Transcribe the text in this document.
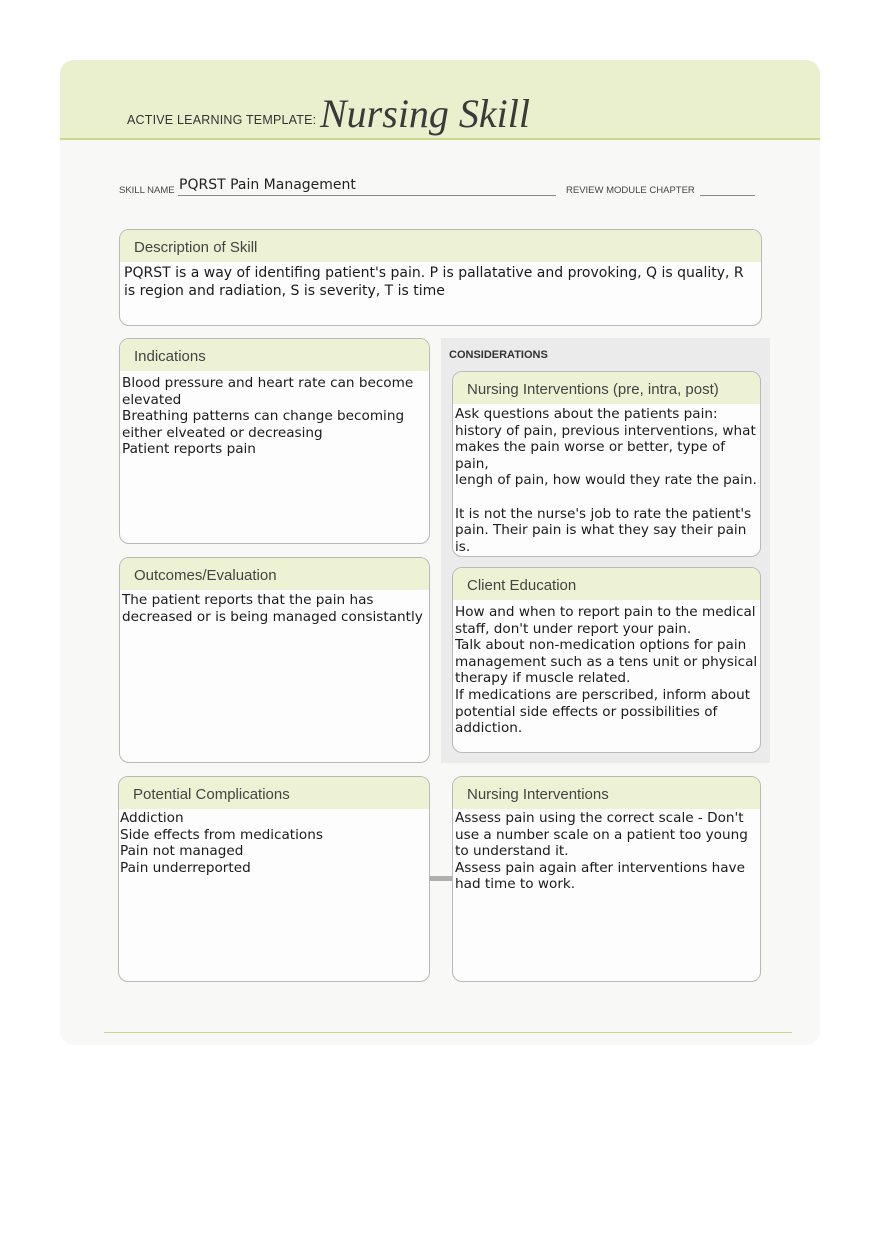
ACTIVE LEARNING TEMPLATE: Nursing Skill
SKILL NAME PQRST Pain Management	REVIEW MODULE CHAPTER
Description of Skill
PQRST is a way of identifing patient's pain. P is pallatative and provoking, Q is quality, R is region and radiation, S is severity, T is time
Indications
Blood pressure and heart rate can become
elevated
Breathing patterns can change becoming
either elveated or decreasing
Patient reports pain
CONSIDERATIONS
Nursing Interventions (pre, intra, post)
Ask questions about the patients pain:
history of pain, previous interventions, what
makes the pain worse or better, type of pain,
lengh of pain, how would they rate the pain.

It is not the nurse's job to rate the patient's
pain. Their pain is what they say their pain is.
Client Education
How and when to report pain to the medical
staff, don't under report your pain.
Talk about non-medication options for pain
management such as a tens unit or physical
therapy if muscle related.
If medications are perscribed, inform about
potential side effects or possibilities of
addiction.
Outcomes/Evaluation
The patient reports that the pain has
decreased or is being managed consistantly
Potential Complications
Addiction
Side effects from medications
Pain not managed
Pain underreported
Nursing Interventions
Assess pain using the correct scale - Don't
use a number scale on a patient too young
to understand it.
Assess pain again after interventions have
had time to work.
